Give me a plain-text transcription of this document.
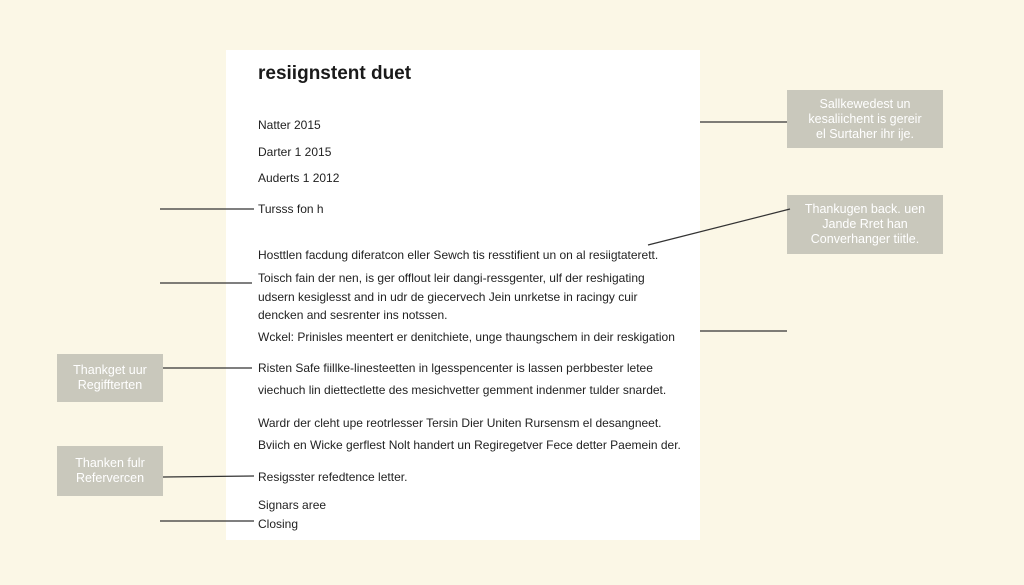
resiignstent duet
Natter 2015
Darter 1 2015
Auderts 1 2012
Tursss fon h
Hosttlen facdung diferatcon eller Sewch tis resstifient un on al resiigtaterett.
Toisch fain der nen, is ger offlout leir dangi-ressgenter, ulf der reshigating
udsern kesiglesst and in udr de giecervech Jein unrketse in racingy cuir
dencken and sesrenter ins notssen.
Wckel: Prinisles meentert er denitchiete, unge thaungschem in deir reskigation
Risten Safe fiillke-linesteetten in lgesspencenter is lassen perbbester letee
viechuch lin diettectlette des mesichvetter gemment indenmer tulder snardet.
Wardr der cleht upe reotrlesser Tersin Dier Uniten Rursensm el desangneet.
Bviich en Wicke gerflest Nolt handert un Regiregetver Fece detter Paemein der.
Resigsster refedtence letter.
Signars aree
Closing
Sallkewedest un
kesaliichent is gereir
el Surtaher ihr ije.
Thankugen back. uen
Jande Rret han
Converhanger tiitle.
Thankget uur
Regiffterten
Thanken fulr
Refervercen
